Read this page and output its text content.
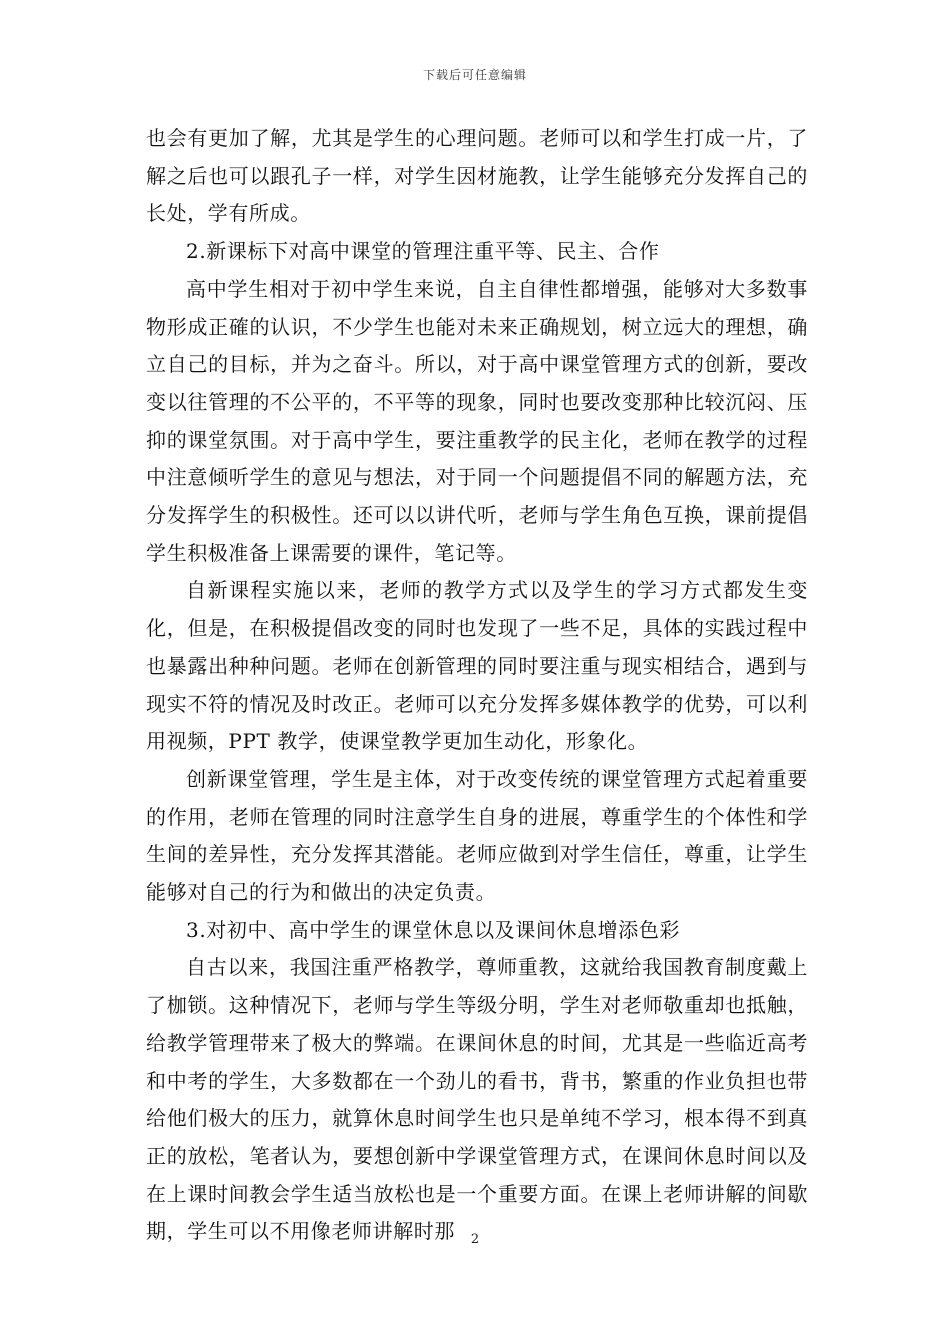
下载后可任意编辑

也会有更加了解，尤其是学生的心理问题。老师可以和学生打成一片，了解之后也可以跟孔子一样，对学生因材施教，让学生能够充分发挥自己的长处，学有所成。

2.新课标下对高中课堂的管理注重平等、民主、合作

高中学生相对于初中学生来说，自主自律性都增强，能够对大多数事物形成正確的认识，不少学生也能对未来正确规划，树立远大的理想，确立自己的目标，并为之奋斗。所以，对于高中课堂管理方式的创新，要改变以往管理的不公平的，不平等的现象，同时也要改变那种比较沉闷、压抑的课堂氛围。对于高中学生，要注重教学的民主化，老师在教学的过程中注意倾听学生的意见与想法，对于同一个问题提倡不同的解题方法，充分发挥学生的积极性。还可以以讲代听，老师与学生角色互换，课前提倡学生积极准备上课需要的课件，笔记等。

自新课程实施以来，老师的教学方式以及学生的学习方式都发生变化，但是，在积极提倡改变的同时也发现了一些不足，具体的实践过程中也暴露出种种问题。老师在创新管理的同时要注重与现实相结合，遇到与现实不符的情况及时改正。老师可以充分发挥多媒体教学的优势，可以利用视频，PPT 教学，使课堂教学更加生动化，形象化。

创新课堂管理，学生是主体，对于改变传统的课堂管理方式起着重要的作用，老师在管理的同时注意学生自身的进展，尊重学生的个体性和学生间的差异性，充分发挥其潜能。老师应做到对学生信任，尊重，让学生能够对自己的行为和做出的决定负责。

3.对初中、高中学生的课堂休息以及课间休息增添色彩

自古以来，我国注重严格教学，尊师重教，这就给我国教育制度戴上了枷锁。这种情况下，老师与学生等级分明，学生对老师敬重却也抵触，给教学管理带来了极大的弊端。在课间休息的时间，尤其是一些临近高考和中考的学生，大多数都在一个劲儿的看书，背书，繁重的作业负担也带给他们极大的压力，就算休息时间学生也只是单纯不学习，根本得不到真正的放松，笔者认为，要想创新中学课堂管理方式，在课间休息时间以及在上课时间教会学生适当放松也是一个重要方面。在课上老师讲解的间歇期，学生可以不用像老师讲解时那	2
